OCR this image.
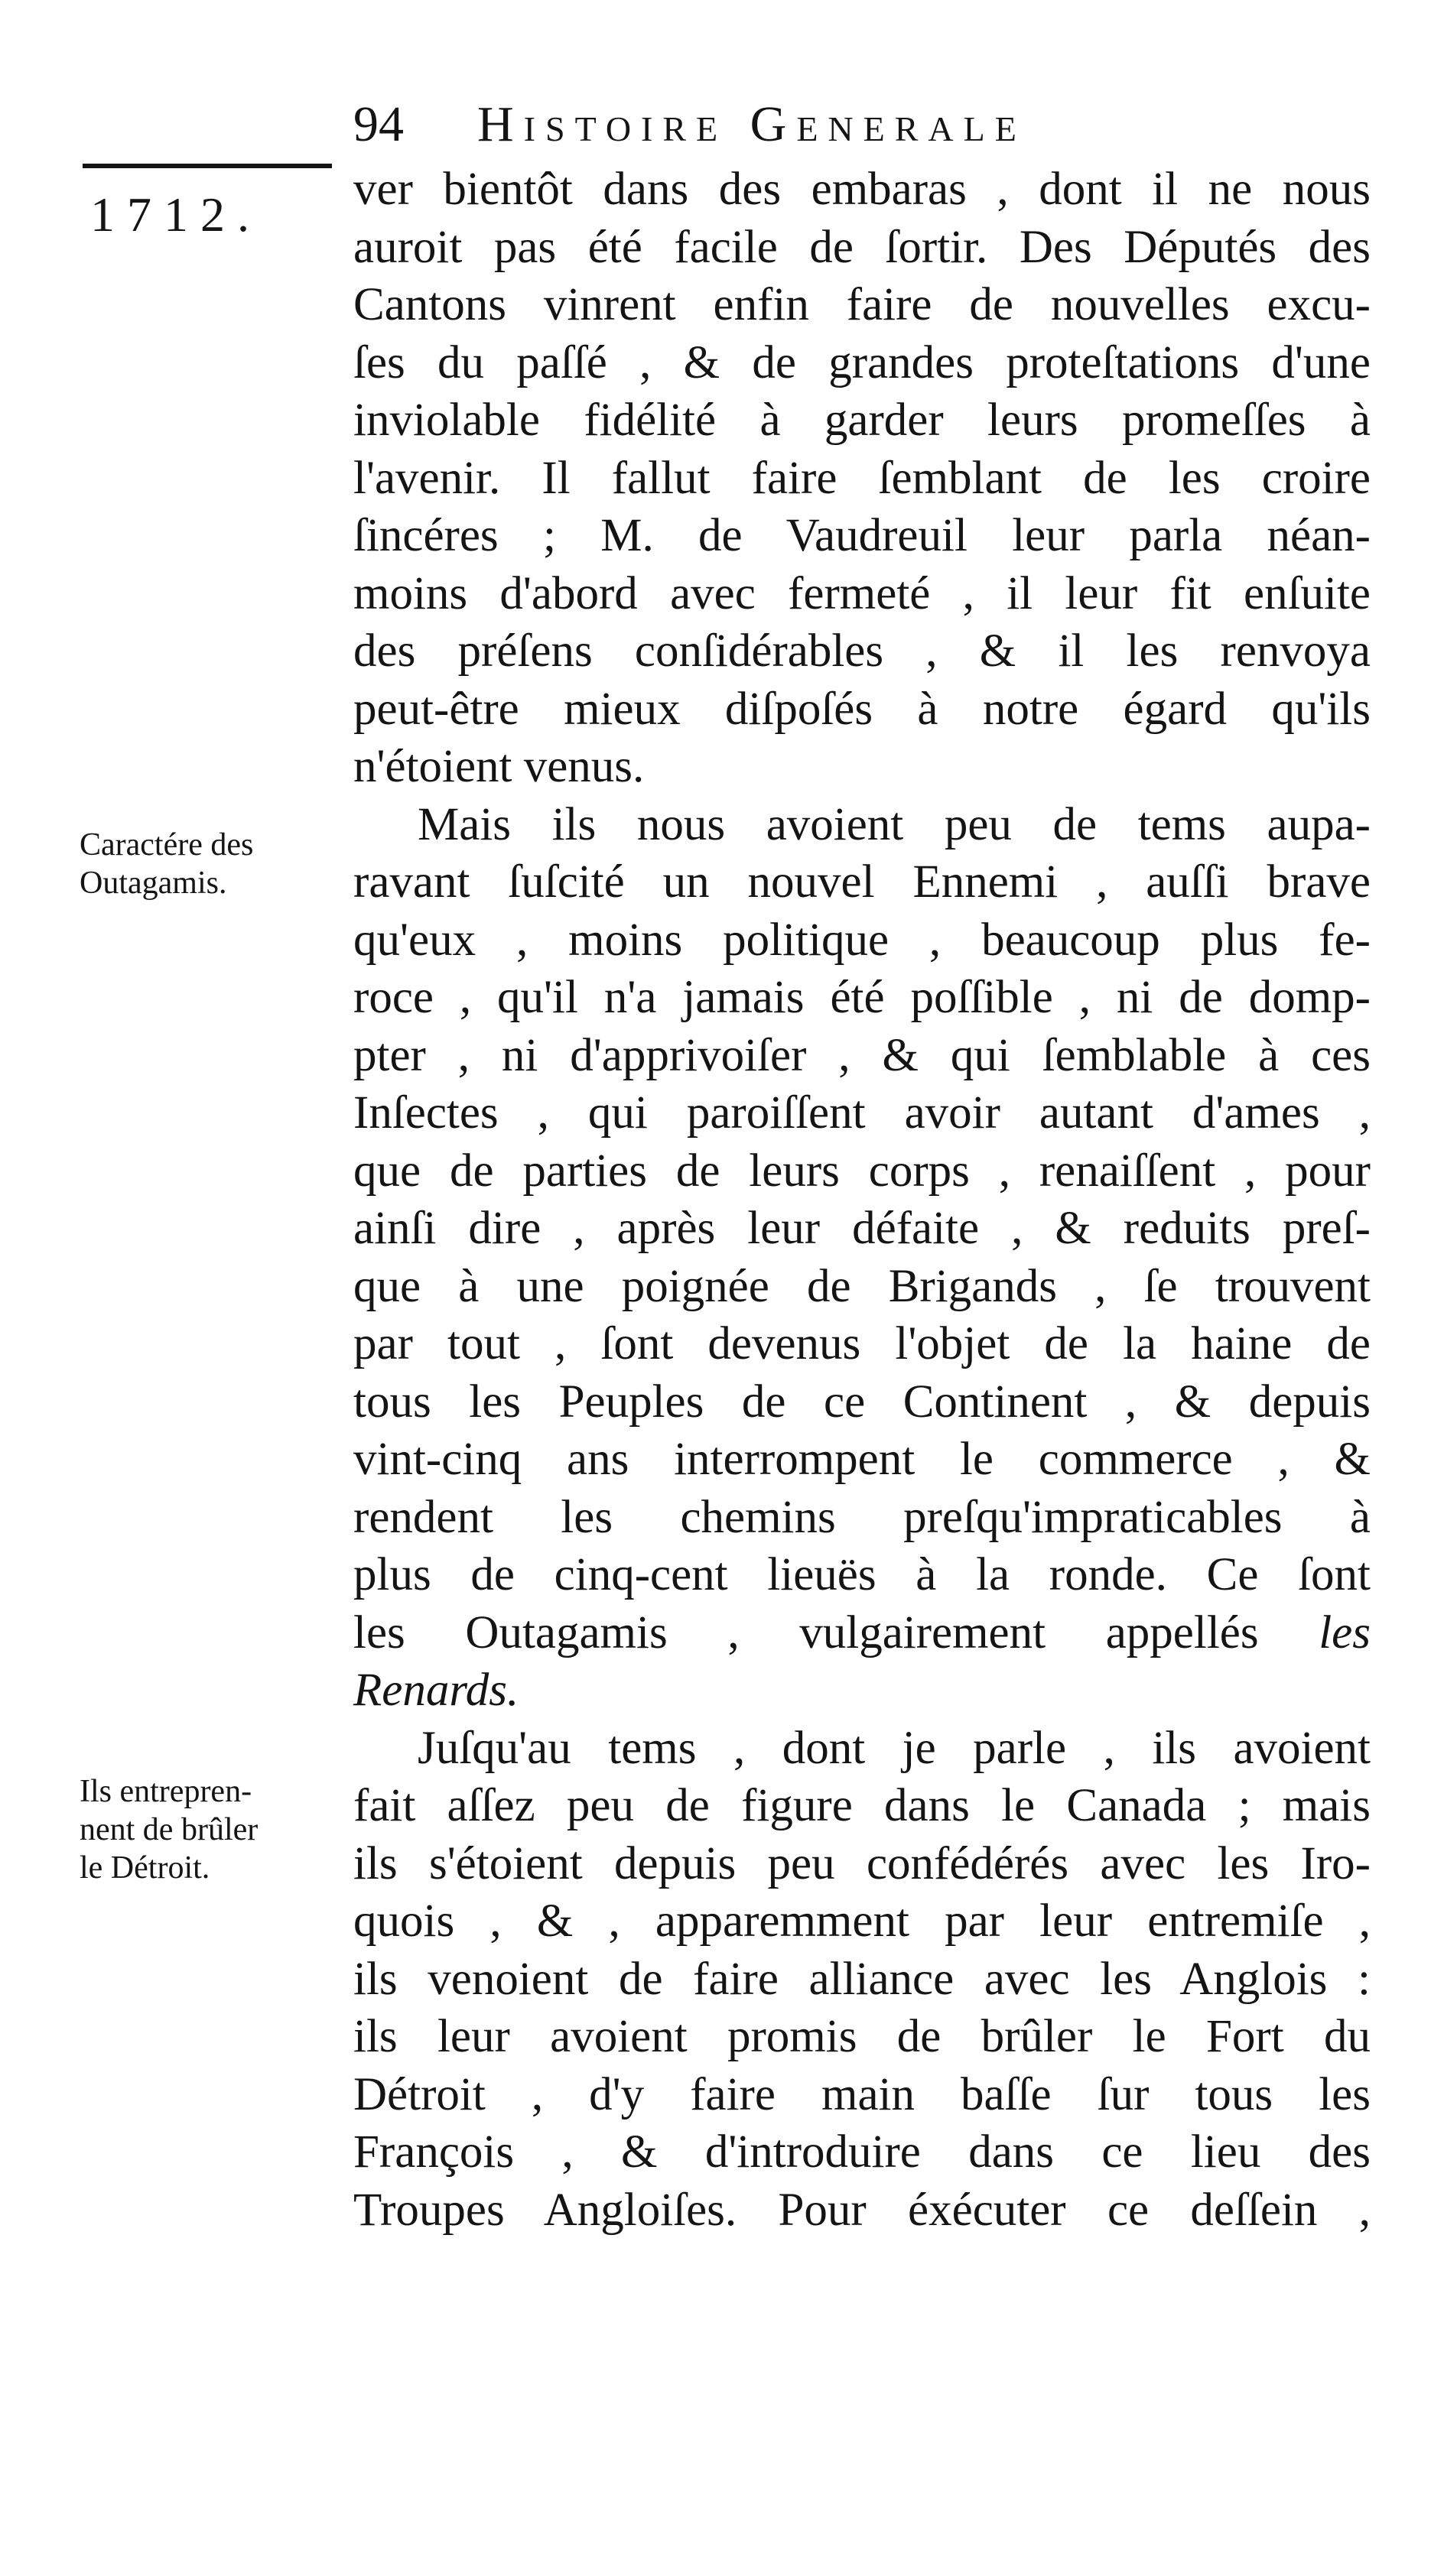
94 Histoire Generale
1712.
Caractére des
Outagamis.
Ils entrepren-
nent de brûler
le Détroit.
ver bientôt dans des embaras , dont il ne nous
auroit pas été facile de ſortir. Des Députés des
Cantons vinrent enfin faire de nouvelles excu-
ſes du paſſé , & de grandes proteſtations d'une
inviolable fidélité à garder leurs promeſſes à
l'avenir. Il fallut faire ſemblant de les croire
ſincéres ; M. de Vaudreuil leur parla néan-
moins d'abord avec fermeté , il leur fit enſuite
des préſens conſidérables , & il les renvoya
peut-être mieux diſpoſés à notre égard qu'ils
n'étoient venus.
Mais ils nous avoient peu de tems aupa-
ravant ſuſcité un nouvel Ennemi , auſſi brave
qu'eux , moins politique , beaucoup plus fe-
roce , qu'il n'a jamais été poſſible , ni de domp-
pter , ni d'apprivoiſer , & qui ſemblable à ces
Inſectes , qui paroiſſent avoir autant d'ames ,
que de parties de leurs corps , renaiſſent , pour
ainſi dire , après leur défaite , & reduits preſ-
que à une poignée de Brigands , ſe trouvent
par tout , ſont devenus l'objet de la haine de
tous les Peuples de ce Continent , & depuis
vint-cinq ans interrompent le commerce , &
rendent les chemins preſqu'impraticables à
plus de cinq-cent lieuës à la ronde. Ce ſont
les Outagamis , vulgairement appellés les
Renards.
Juſqu'au tems , dont je parle , ils avoient
fait aſſez peu de figure dans le Canada ; mais
ils s'étoient depuis peu confédérés avec les Iro-
quois , & , apparemment par leur entremiſe ,
ils venoient de faire alliance avec les Anglois :
ils leur avoient promis de brûler le Fort du
Détroit , d'y faire main baſſe ſur tous les
François , & d'introduire dans ce lieu des
Troupes Angloiſes. Pour éxécuter ce deſſein ,
